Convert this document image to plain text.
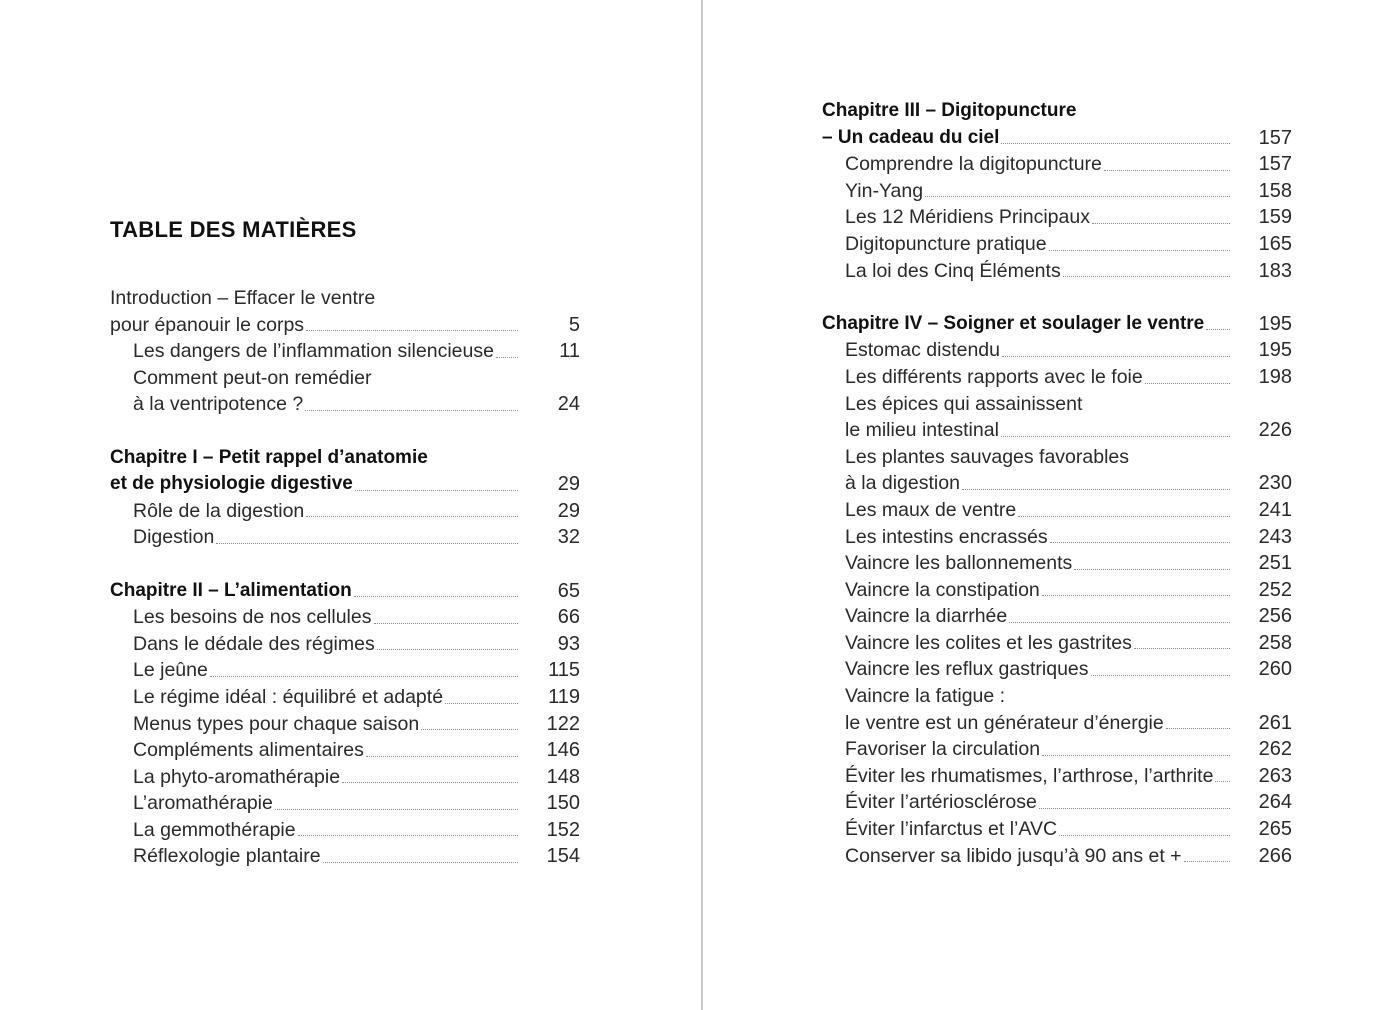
TABLE DES MATIÈRES
Introduction – Effacer le ventre
pour épanouir le corps	5
Les dangers de l’inflammation silencieuse	11
Comment peut-on remédier
à la ventripotence ?	24
Chapitre I – Petit rappel d’anatomie
et de physiologie digestive	29
Rôle de la digestion	29
Digestion	32
Chapitre II – L’alimentation	65
Les besoins de nos cellules	66
Dans le dédale des régimes	93
Le jeûne	115
Le régime idéal : équilibré et adapté	119
Menus types pour chaque saison	122
Compléments alimentaires	146
La phyto-aromathérapie	148
L’aromathérapie	150
La gemmothérapie	152
Réflexologie plantaire	154
Chapitre III – Digitopuncture
– Un cadeau du ciel	157
Comprendre la digitopuncture	157
Yin-Yang	158
Les 12 Méridiens Principaux	159
Digitopuncture pratique	165
La loi des Cinq Éléments	183
Chapitre IV – Soigner et soulager le ventre	195
Estomac distendu	195
Les différents rapports avec le foie	198
Les épices qui assainissent
le milieu intestinal	226
Les plantes sauvages favorables
à la digestion	230
Les maux de ventre	241
Les intestins encrassés	243
Vaincre les ballonnements	251
Vaincre la constipation	252
Vaincre la diarrhée	256
Vaincre les colites et les gastrites	258
Vaincre les reflux gastriques	260
Vaincre la fatigue :
le ventre est un générateur d’énergie	261
Favoriser la circulation	262
Éviter les rhumatismes, l’arthrose, l’arthrite	263
Éviter l’artériosclérose	264
Éviter l’infarctus et l’AVC	265
Conserver sa libido jusqu’à 90 ans et +	266
